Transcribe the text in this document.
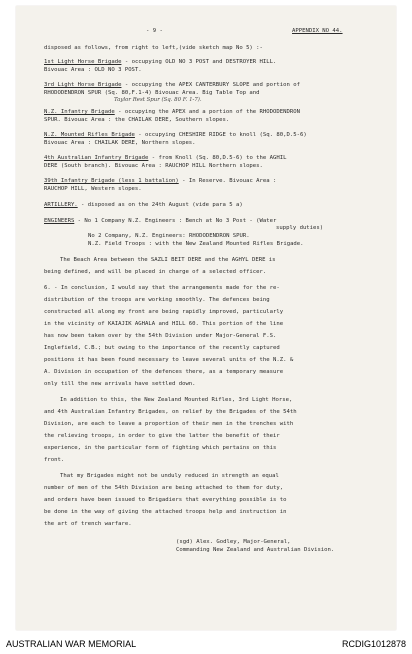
- 9 -	APPENDIX NO 44.
disposed as follows, from right to left,(vide sketch map No 5) :-
1st Light Horse Brigade - occupying OLD NO 3 POST and DESTROYER HILL.
Bivouac Area : OLD NO 3 POST.
3rd Light Horse Brigade - occupying the APEX CANTERBURY SLOPE and portion of
RHODODENDRON SPUR (Sq. 80,F.1-4) Bivouac Area. Big Table Top and
Taylor Rest Spur (Sq. 80 F. 1-7).
N.Z. Infantry Brigade - occupying the APEX and a portion of the RHODODENDRON
SPUR. Bivouac Area : the CHAILAK DERE, Southern slopes.
N.Z. Mounted Rifles Brigade - occupying CHESHIRE RIDGE to knoll (Sq. 80,D.5-6)
Bivouac Area : CHAILAK DERE, Northern slopes.
4th Australian Infantry Brigade - from Knoll (Sq. 80,D.5-6) to the AGHIL
DERE (South branch). Bivouac Area : RAUCHOP HILL Northern slopes.
39th Infantry Brigade (less 1 battalion) - In Reserve. Bivouac Area :
RAUCHOP HILL, Western slopes.
ARTILLERY. - disposed as on the 24th August (vide para 5 a)
ENGINEERS - No 1 Company N.Z. Engineers : Bench at No 3 Post - (Water
supply duties)
No 2 Company, N.Z. Engineers: RHODODENDRON SPUR.
N.Z. Field Troops : with the New Zealand Mounted Rifles Brigade.
The Beach Area between the SAZLI BEIT DERE and the AGHYL DERE is
being defined, and will be placed in charge of a selected officer.
6. - In conclusion, I would say that the arrangements made for the re-
distribution of the troops are working smoothly. The defences being
constructed all along my front are being rapidly improved, particularly
in the vicinity of KAIAJIK AGHALA and HILL 60. This portion of the line
has now been taken over by the 54th Division under Major-General F.S.
Inglefield, C.B.; but owing to the importance of the recently captured
positions it has been found necessary to leave several units of the N.Z. &
A. Division in occupation of the defences there, as a temporary measure
only till the new arrivals have settled down.
In addition to this, the New Zealand Mounted Rifles, 3rd Light Horse,
and 4th Australian Infantry Brigades, on relief by the Brigades of the 54th
Division, are each to leave a proportion of their men in the trenches with
the relieving troops, in order to give the latter the benefit of their
experience, in the particular form of fighting which pertains on this
front.
That my Brigades might not be unduly reduced in strength an equal
number of men of the 54th Division are being attached to them for duty,
and orders have been issued to Brigadiers that everything possible is to
be done in the way of giving the attached troops help and instruction in
the art of trench warfare.
(sgd) Alex. Godley, Major-General,
Commanding New Zealand and Australian Division.
AUSTRALIAN WAR MEMORIAL	RCDIG1012878
